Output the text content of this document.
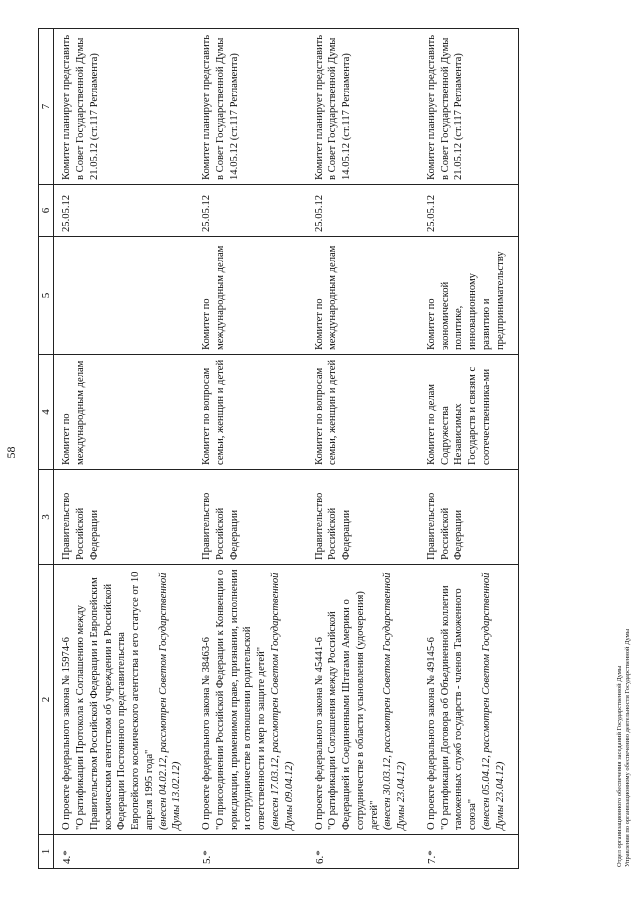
58
1	2	3	4	5	6	7
4.*	О проекте федерального закона № 15974-6 "О ратификации Протокола к Соглашению между Правительством Российской Федерации и Европейским космическим агентством об учреждении в Российской Федерации Постоянного представительства Европейского космического агентства и его статусе от 10 апреля 1995 года" (внесен 04.02.12, рассмотрен Советом Государственной Думы 13.02.12)	Правительство Российской Федерации	Комитет по международным делам		25.05.12	Комитет планирует представить в Совет Государственной Думы 21.05.12 (ст.117 Регламента)
5.*	О проекте федерального закона № 38463-6 "О присоединении Российской Федерации к Конвенции о юрисдикции, применимом праве, признании, исполнении и сотрудничестве в отношении родительской ответственности и мер по защите детей" (внесен 17.03.12, рассмотрен Советом Государственной Думы 09.04.12)	Правительство Российской Федерации	Комитет по вопросам семьи, женщин и детей	Комитет по международным делам	25.05.12	Комитет планирует представить в Совет Государственной Думы 14.05.12 (ст.117 Регламента)
6.*	О проекте федерального закона № 45441-6 "О ратификации Соглашения между Российской Федерацией и Соединенными Штатами Америки о сотрудничестве в области усыновления (удочерения) детей" (внесен 30.03.12, рассмотрен Советом Государственной Думы 23.04.12)	Правительство Российской Федерации	Комитет по вопросам семьи, женщин и детей	Комитет по международным делам	25.05.12	Комитет планирует представить в Совет Государственной Думы 14.05.12 (ст.117 Регламента)
7.*	О проекте федерального закона № 49145-6 "О ратификации Договора об Объединенной коллегии таможенных служб государств - членов Таможенного союза" (внесен 05.04.12, рассмотрен Советом Государственной Думы 23.04.12)	Правительство Российской Федерации	Комитет по делам Содружества Независимых Государств и связям с соотечественника-ми	Комитет по экономической политике, инновационному развитию и предпринимательству	25.05.12	Комитет планирует представить в Совет Государственной Думы 21.05.12 (ст.117 Регламента)
Отдел организационного обеспечения заседаний Государственной Думы Управления по организационному обеспечению деятельности Государственной Думы
